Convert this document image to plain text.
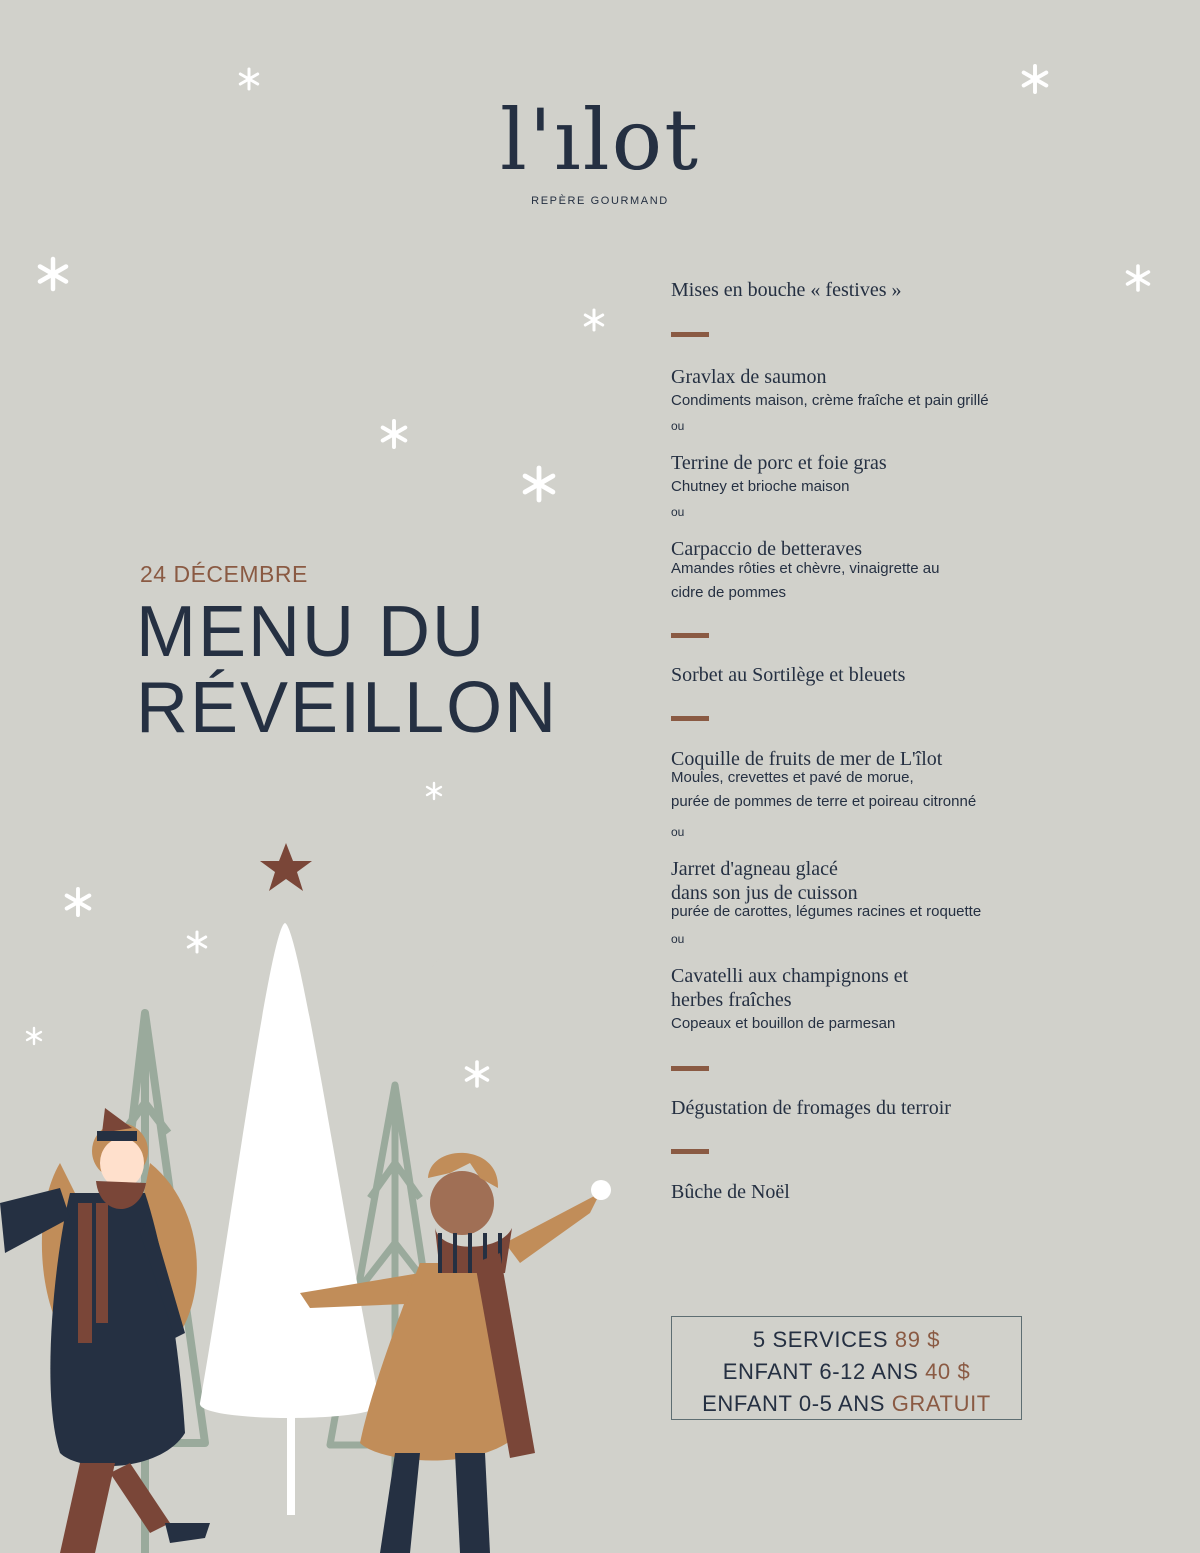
l'ılot
REPÈRE GOURMAND
24 DÉCEMBRE
MENU DU
RÉVEILLON

Mises en bouche « festives »

Gravlax de saumon

Condiments maison, crème fraîche et pain grillé

ou

Terrine de porc et foie gras

Chutney et brioche maison

ou

Carpaccio de betteraves

Amandes rôties et chèvre, vinaigrette au

cidre de pommes

Sorbet au Sortilège et bleuets

Coquille de fruits de mer de L'îlot

Moules, crevettes et pavé de morue,

purée de pommes de terre et poireau citronné

ou

Jarret d'agneau glacé

dans son jus de cuisson

purée de carottes, légumes racines et roquette

ou

Cavatelli aux champignons et

herbes fraîches

Copeaux et bouillon de parmesan

Dégustation de fromages du terroir

Bûche de Noël

5 SERVICES 89 $
ENFANT 6-12 ANS 40 $
ENFANT 0-5 ANS GRATUIT
